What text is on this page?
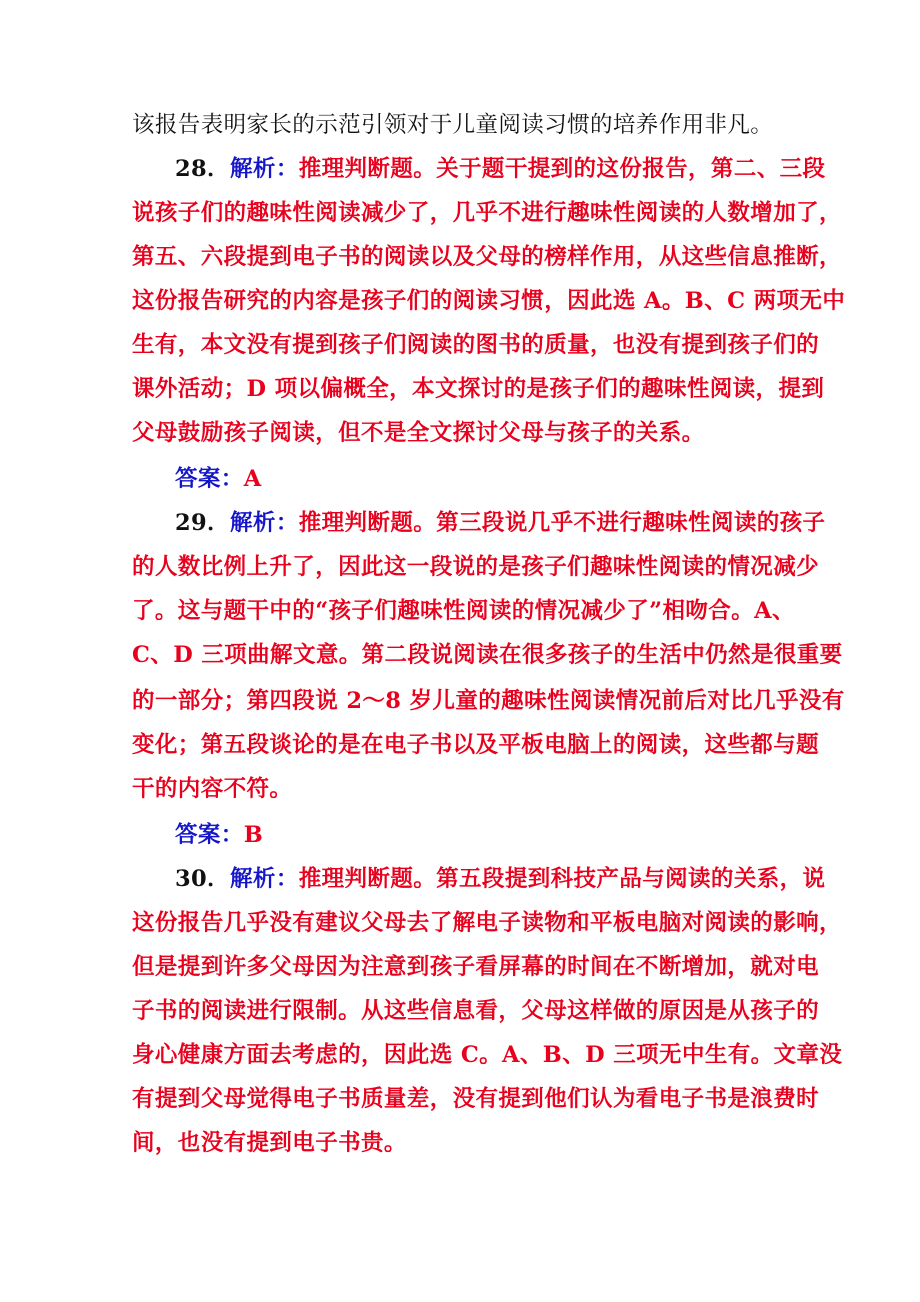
该报告表明家长的示范引领对于儿童阅读习惯的培养作用非凡。
28．解析：推理判断题。关于题干提到的这份报告，第二、三段
说孩子们的趣味性阅读减少了，几乎不进行趣味性阅读的人数增加了，
第五、六段提到电子书的阅读以及父母的榜样作用，从这些信息推断，
这份报告研究的内容是孩子们的阅读习惯，因此选 A。B、C 两项无中
生有，本文没有提到孩子们阅读的图书的质量，也没有提到孩子们的
课外活动；D 项以偏概全，本文探讨的是孩子们的趣味性阅读，提到
父母鼓励孩子阅读，但不是全文探讨父母与孩子的关系。
答案：A
29．解析：推理判断题。第三段说几乎不进行趣味性阅读的孩子
的人数比例上升了，因此这一段说的是孩子们趣味性阅读的情况减少
了。这与题干中的“孩子们趣味性阅读的情况减少了”相吻合。A、
C、D 三项曲解文意。第二段说阅读在很多孩子的生活中仍然是很重要
的一部分；第四段说 2～8 岁儿童的趣味性阅读情况前后对比几乎没有
变化；第五段谈论的是在电子书以及平板电脑上的阅读，这些都与题
干的内容不符。
答案：B
30．解析：推理判断题。第五段提到科技产品与阅读的关系，说
这份报告几乎没有建议父母去了解电子读物和平板电脑对阅读的影响，
但是提到许多父母因为注意到孩子看屏幕的时间在不断增加，就对电
子书的阅读进行限制。从这些信息看，父母这样做的原因是从孩子的
身心健康方面去考虑的，因此选 C。A、B、D 三项无中生有。文章没
有提到父母觉得电子书质量差，没有提到他们认为看电子书是浪费时
间，也没有提到电子书贵。
